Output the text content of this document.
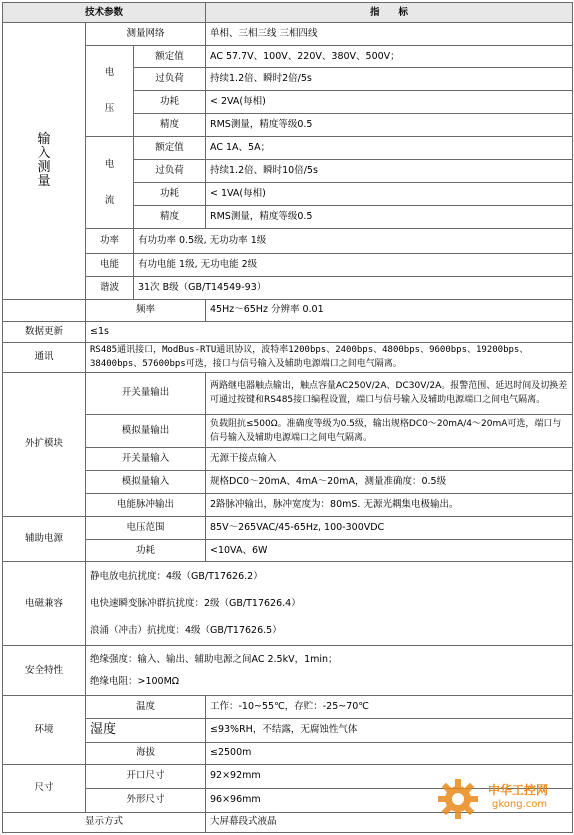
技术参数			指　　标

输
入
测
量	测量网络		单相、三相三线 三相四线

	电
压	额定值	AC 57.7V、100V、220V、380V、500V；
		过负荷	持续1.2倍、瞬时2倍/5s
		功耗	< 2VA(每相)
		精度	RMS测量，精度等级0.5

	电
流	额定值	AC 1A、5A；
		过负荷	持续1.2倍、瞬时10倍/5s
		功耗	< 1VA(每相)
		精度	RMS测量，精度等级0.5
	功率	有功功率 0.5级, 无功功率 1级	
	电能	有功电能 1级, 无功电能 2级	
	谐波	31次 B级（GB/T14549-93）	
	频率		45Hz～65Hz 分辨率 0.01
数据更新	≤1s		
通讯	RS485通讯接口，ModBus-RTU通讯协议，波特率1200bps、2400bps、4800bps、9600bps、19200bps、38400bps、57600bps可选，接口与信号输入及辅助电源端口之间电气隔离。		
外扩模块	开关量输出		两路继电器触点输出，触点容量AC250V/2A、DC30V/2A。报警范围、延迟时间及切换差可通过按键和RS485接口编程设置，端口与信号输入及辅助电源端口之间电气隔离。
	模拟量输出		负载阻抗≤500Ω。准确度等级为0.5级，输出规格DC0～20mA/4～20mA可选，端口与信号输入及辅助电源端口之间电气隔离。
	开关量输入		无源干接点输入
	模拟量输入		规格DC0～20mA、4mA～20mA，测量准确度：0.5级
	电能脉冲输出		2路脉冲输出，脉冲宽度为：80mS. 无源光耦集电极输出。
辅助电源	电压范围		85V～265VAC/45-65Hz, 100-300VDC
	功耗		<10VA、6W
电磁兼容	静电放电抗扰度：4级（GB/T17626.2）
电快速瞬变脉冲群抗扰度：2级（GB/T17626.4）
浪涌（冲击）抗扰度：4级（GB/T17626.5）		

安全特性	绝缘强度：输入、输出、辅助电源之间AC 2.5kV，1min；
绝缘电阻：>100MΩ		

环境	温度		工作：-10~55℃，存贮：-25~70℃
	湿度		≤93%RH，不结露，无腐蚀性气体
	海拔		≤2500m
尺寸	开口尺寸		92×92mm
	外形尺寸		96×96mm
显示方式			大屏幕段式液晶
中华工控网
gkong.com
